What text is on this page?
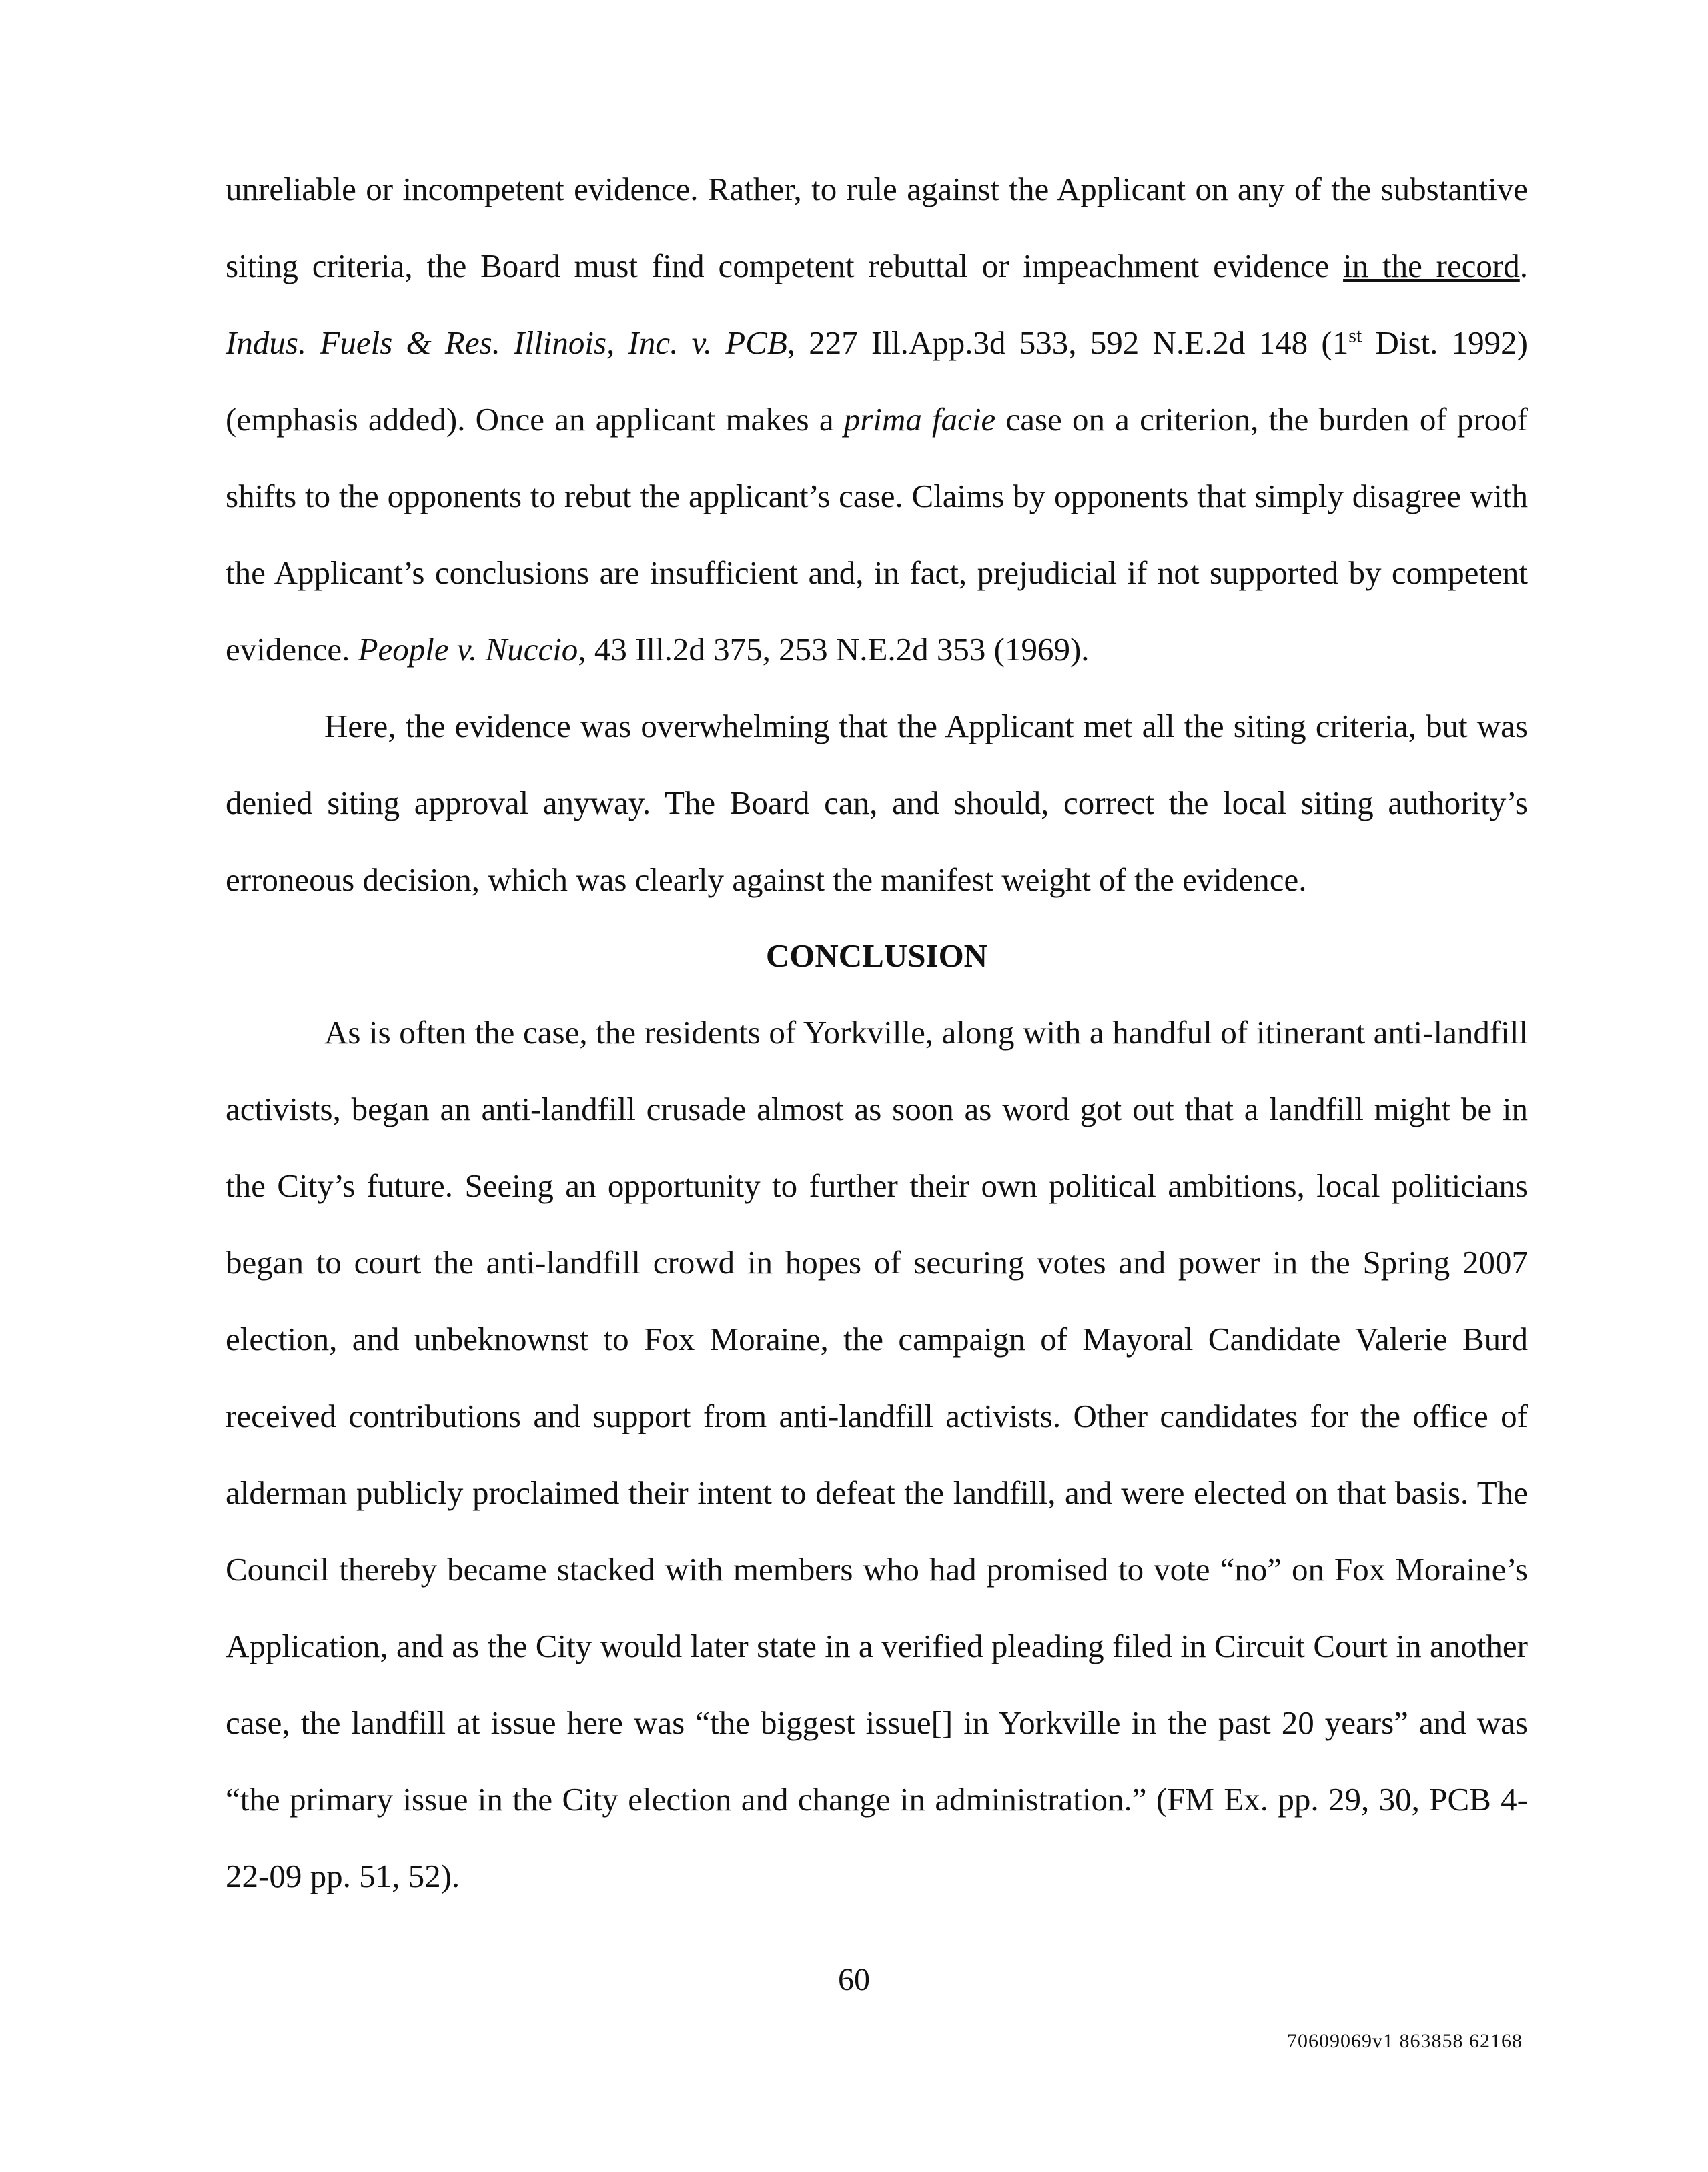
unreliable or incompetent evidence. Rather, to rule against the Applicant on any of the substantive siting criteria, the Board must find competent rebuttal or impeachment evidence in the record. Indus. Fuels & Res. Illinois, Inc. v. PCB, 227 Ill.App.3d 533, 592 N.E.2d 148 (1st Dist. 1992)(emphasis added). Once an applicant makes a prima facie case on a criterion, the burden of proof shifts to the opponents to rebut the applicant’s case. Claims by opponents that simply disagree with the Applicant’s conclusions are insufficient and, in fact, prejudicial if not supported by competent evidence. People v. Nuccio, 43 Ill.2d 375, 253 N.E.2d 353 (1969).

Here, the evidence was overwhelming that the Applicant met all the siting criteria, but was denied siting approval anyway. The Board can, and should, correct the local siting authority’s erroneous decision, which was clearly against the manifest weight of the evidence.

CONCLUSION

As is often the case, the residents of Yorkville, along with a handful of itinerant anti-landfill activists, began an anti-landfill crusade almost as soon as word got out that a landfill might be in the City’s future. Seeing an opportunity to further their own political ambitions, local politicians began to court the anti-landfill crowd in hopes of securing votes and power in the Spring 2007 election, and unbeknownst to Fox Moraine, the campaign of Mayoral Candidate Valerie Burd received contributions and support from anti-landfill activists. Other candidates for the office of alderman publicly proclaimed their intent to defeat the landfill, and were elected on that basis. The Council thereby became stacked with members who had promised to vote “no” on Fox Moraine’s Application, and as the City would later state in a verified pleading filed in Circuit Court in another case, the landfill at issue here was “the biggest issue[] in Yorkville in the past 20 years” and was “the primary issue in the City election and change in administration.” (FM Ex. pp. 29, 30, PCB 4-22-09 pp. 51, 52).

60
70609069v1 863858 62168
